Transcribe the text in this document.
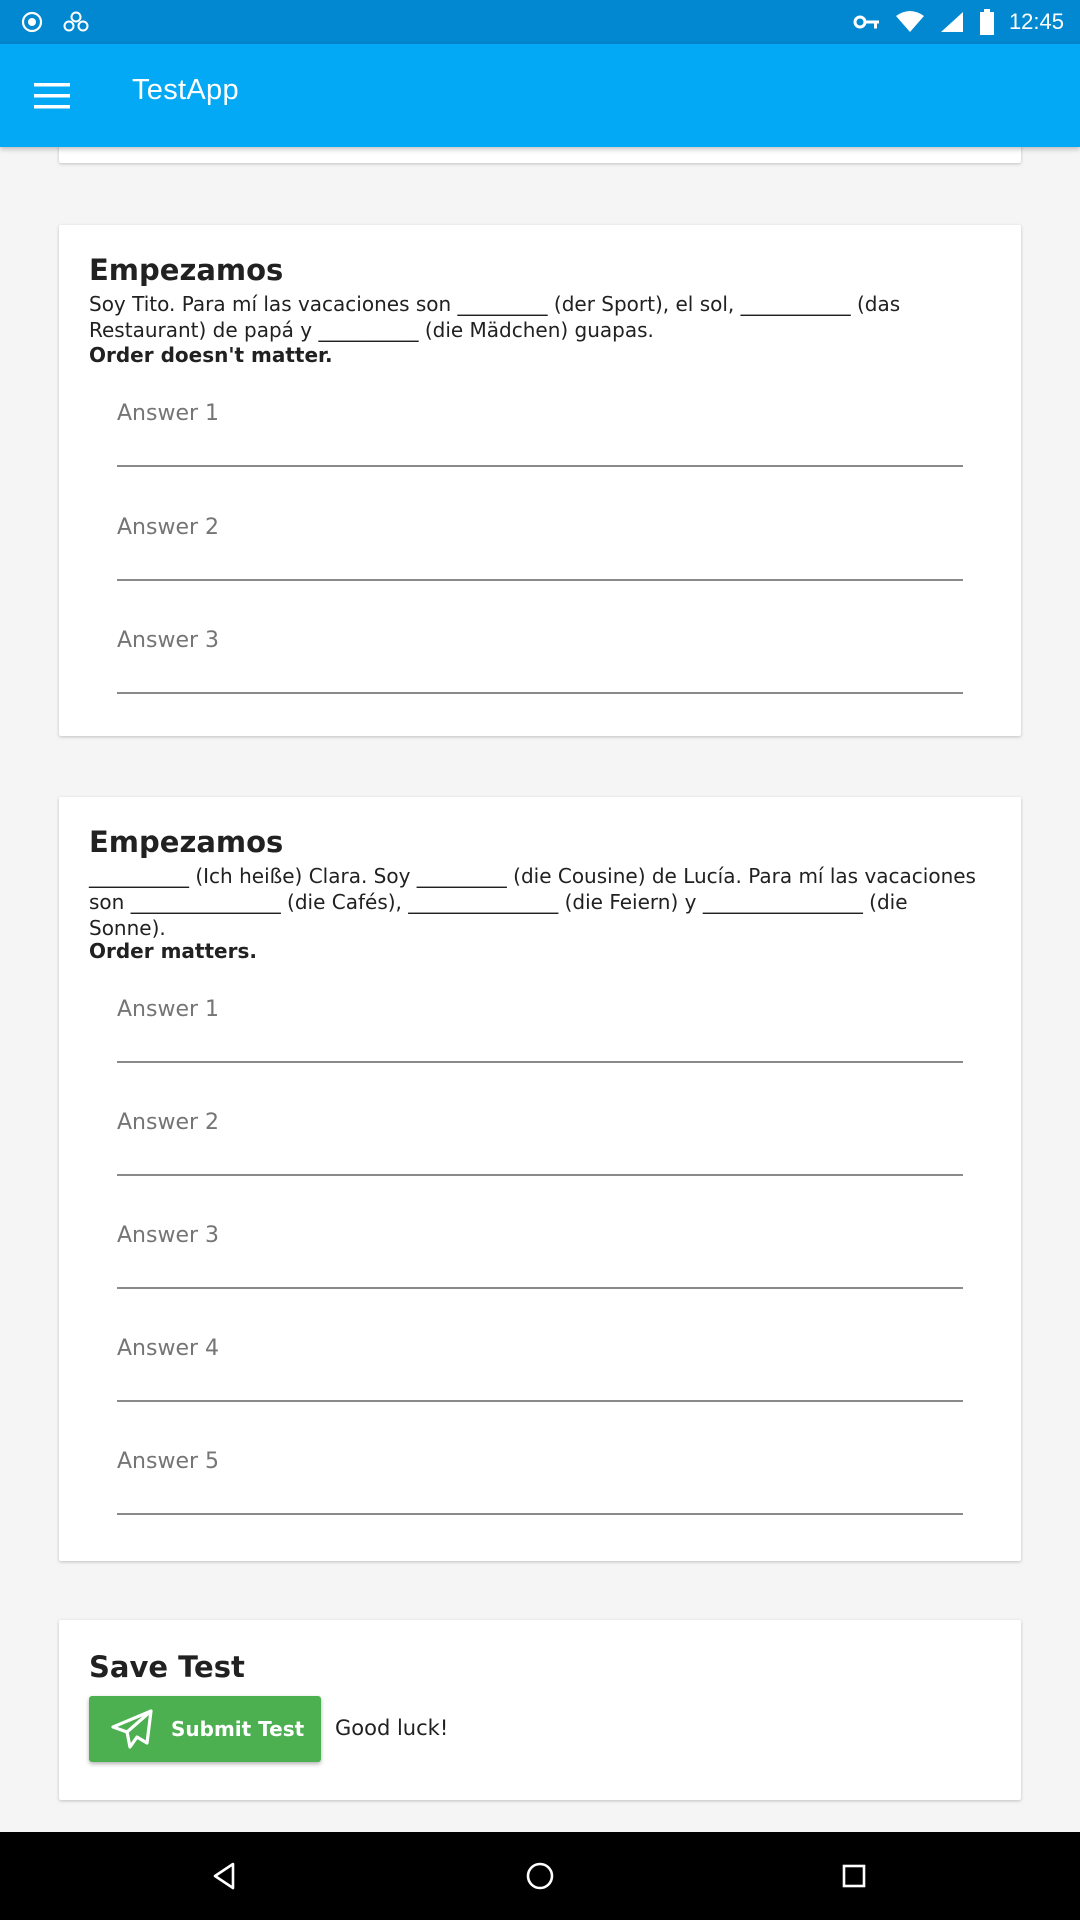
12:45
TestApp
Empezamos
Soy Tito. Para mí las vacaciones son _________ (der Sport), el sol, ___________ (das Restaurant) de papá y __________ (die Mädchen) guapas.
Order doesn't matter.
Answer 1
Answer 2
Answer 3
Empezamos
__________ (Ich heiße) Clara. Soy _________ (die Cousine) de Lucía. Para mí las vacaciones son _______________ (die Cafés), _______________ (die Feiern) y ________________ (die Sonne).
Order matters.
Answer 1
Answer 2
Answer 3
Answer 4
Answer 5
Save Test
Submit Test Good luck!
